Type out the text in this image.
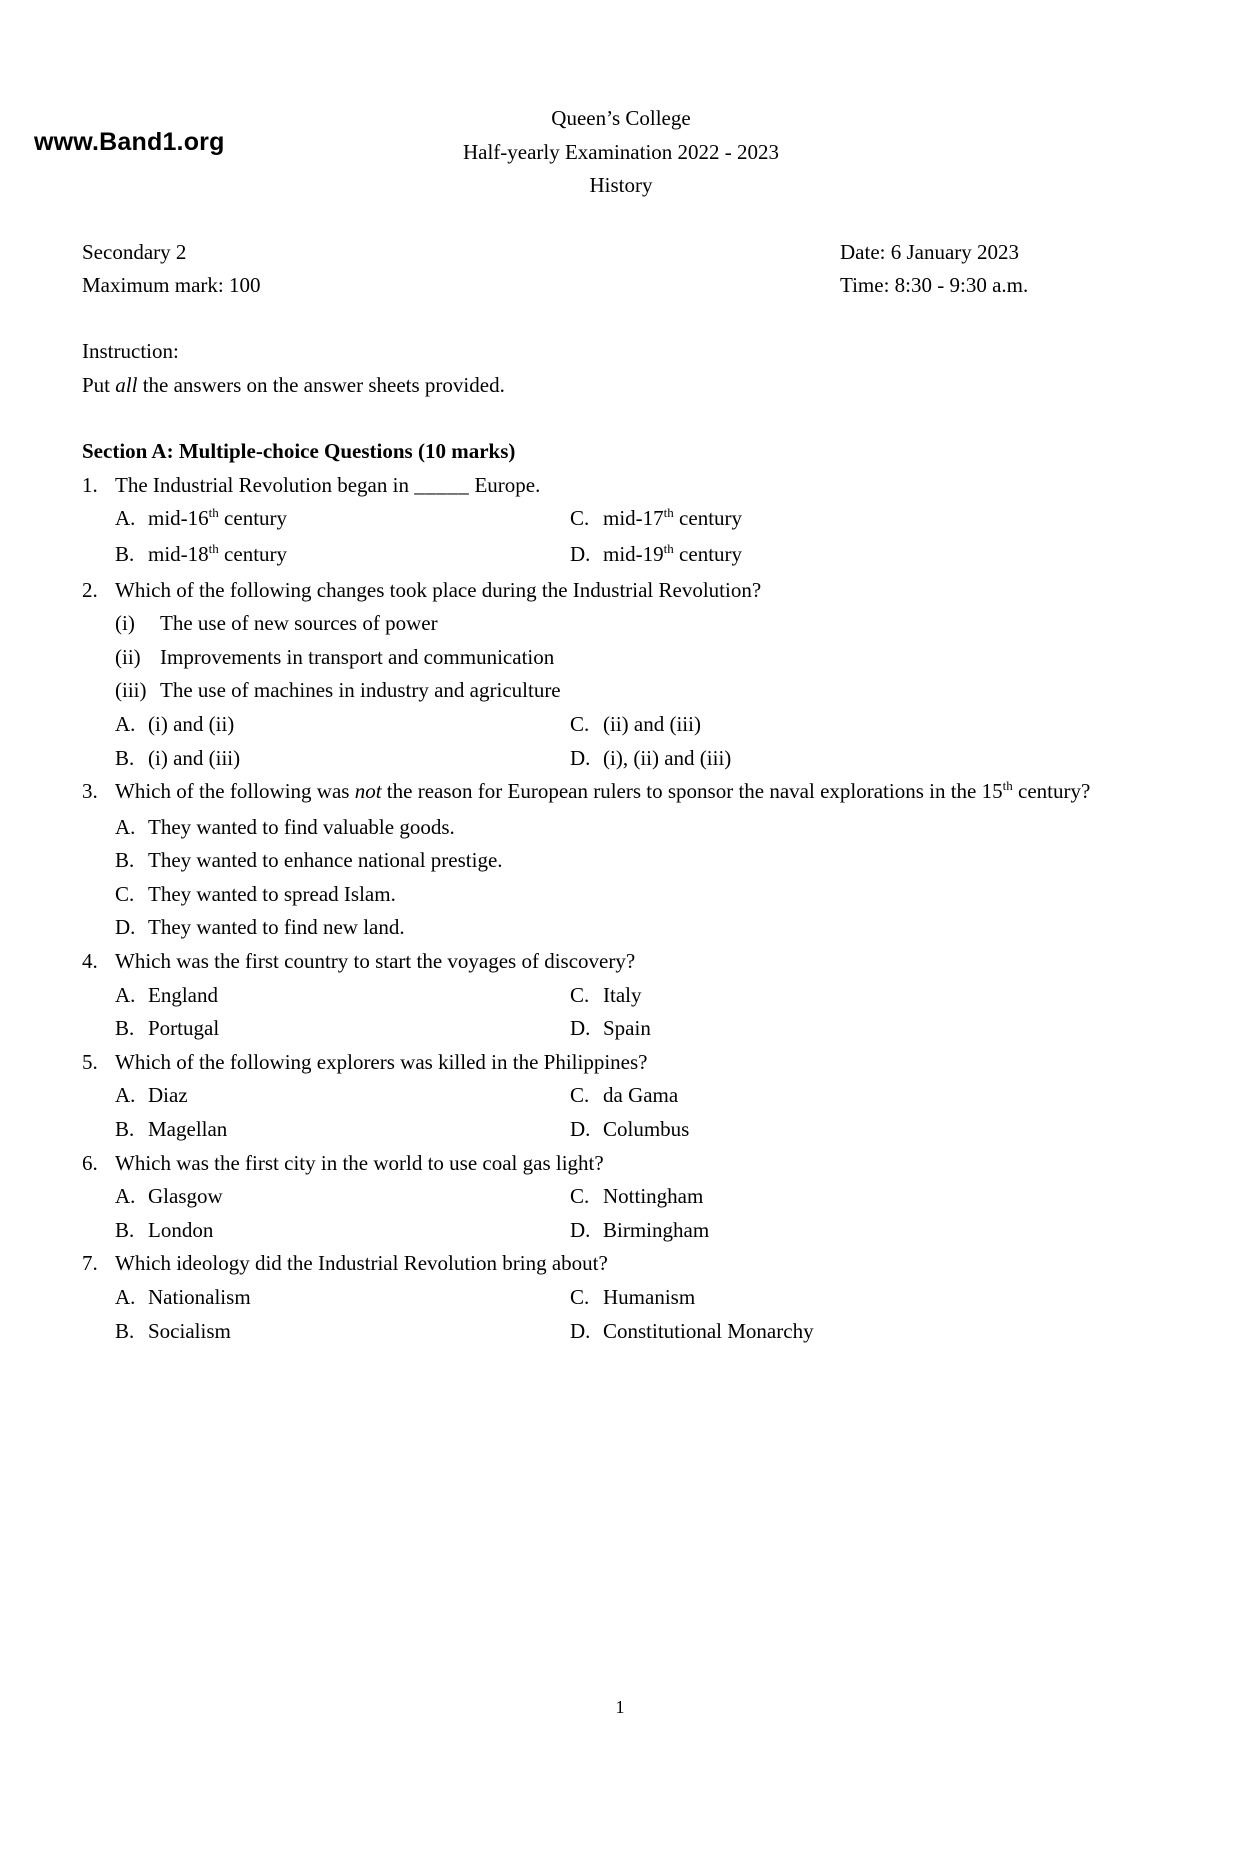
www.Band1.org
Queen’s College
Half-yearly Examination 2022 - 2023
History
Secondary 2
Maximum mark: 100
Date: 6 January 2023
Time: 8:30 - 9:30 a.m.
Instruction:
Put all the answers on the answer sheets provided.
Section A: Multiple-choice Questions (10 marks)
1. The Industrial Revolution began in _____ Europe.
A. mid-16th century	C. mid-17th century
B. mid-18th century	D. mid-19th century
2. Which of the following changes took place during the Industrial Revolution?
(i)	The use of new sources of power
(ii) Improvements in transport and communication
(iii) The use of machines in industry and agriculture
A. (i) and (ii)	C. (ii) and (iii)
B. (i) and (iii)	D. (i), (ii) and (iii)
3. Which of the following was not the reason for European rulers to sponsor the naval explorations in the 15th century?
A. They wanted to find valuable goods.
B. They wanted to enhance national prestige.
C. They wanted to spread Islam.
D. They wanted to find new land.
4. Which was the first country to start the voyages of discovery?
A. England	C. Italy
B. Portugal	D. Spain
5. Which of the following explorers was killed in the Philippines?
A. Diaz	C. da Gama
B. Magellan	D. Columbus
6. Which was the first city in the world to use coal gas light?
A. Glasgow	C. Nottingham
B. London	D. Birmingham
7. Which ideology did the Industrial Revolution bring about?
A. Nationalism	C. Humanism
B. Socialism	D. Constitutional Monarchy
1
